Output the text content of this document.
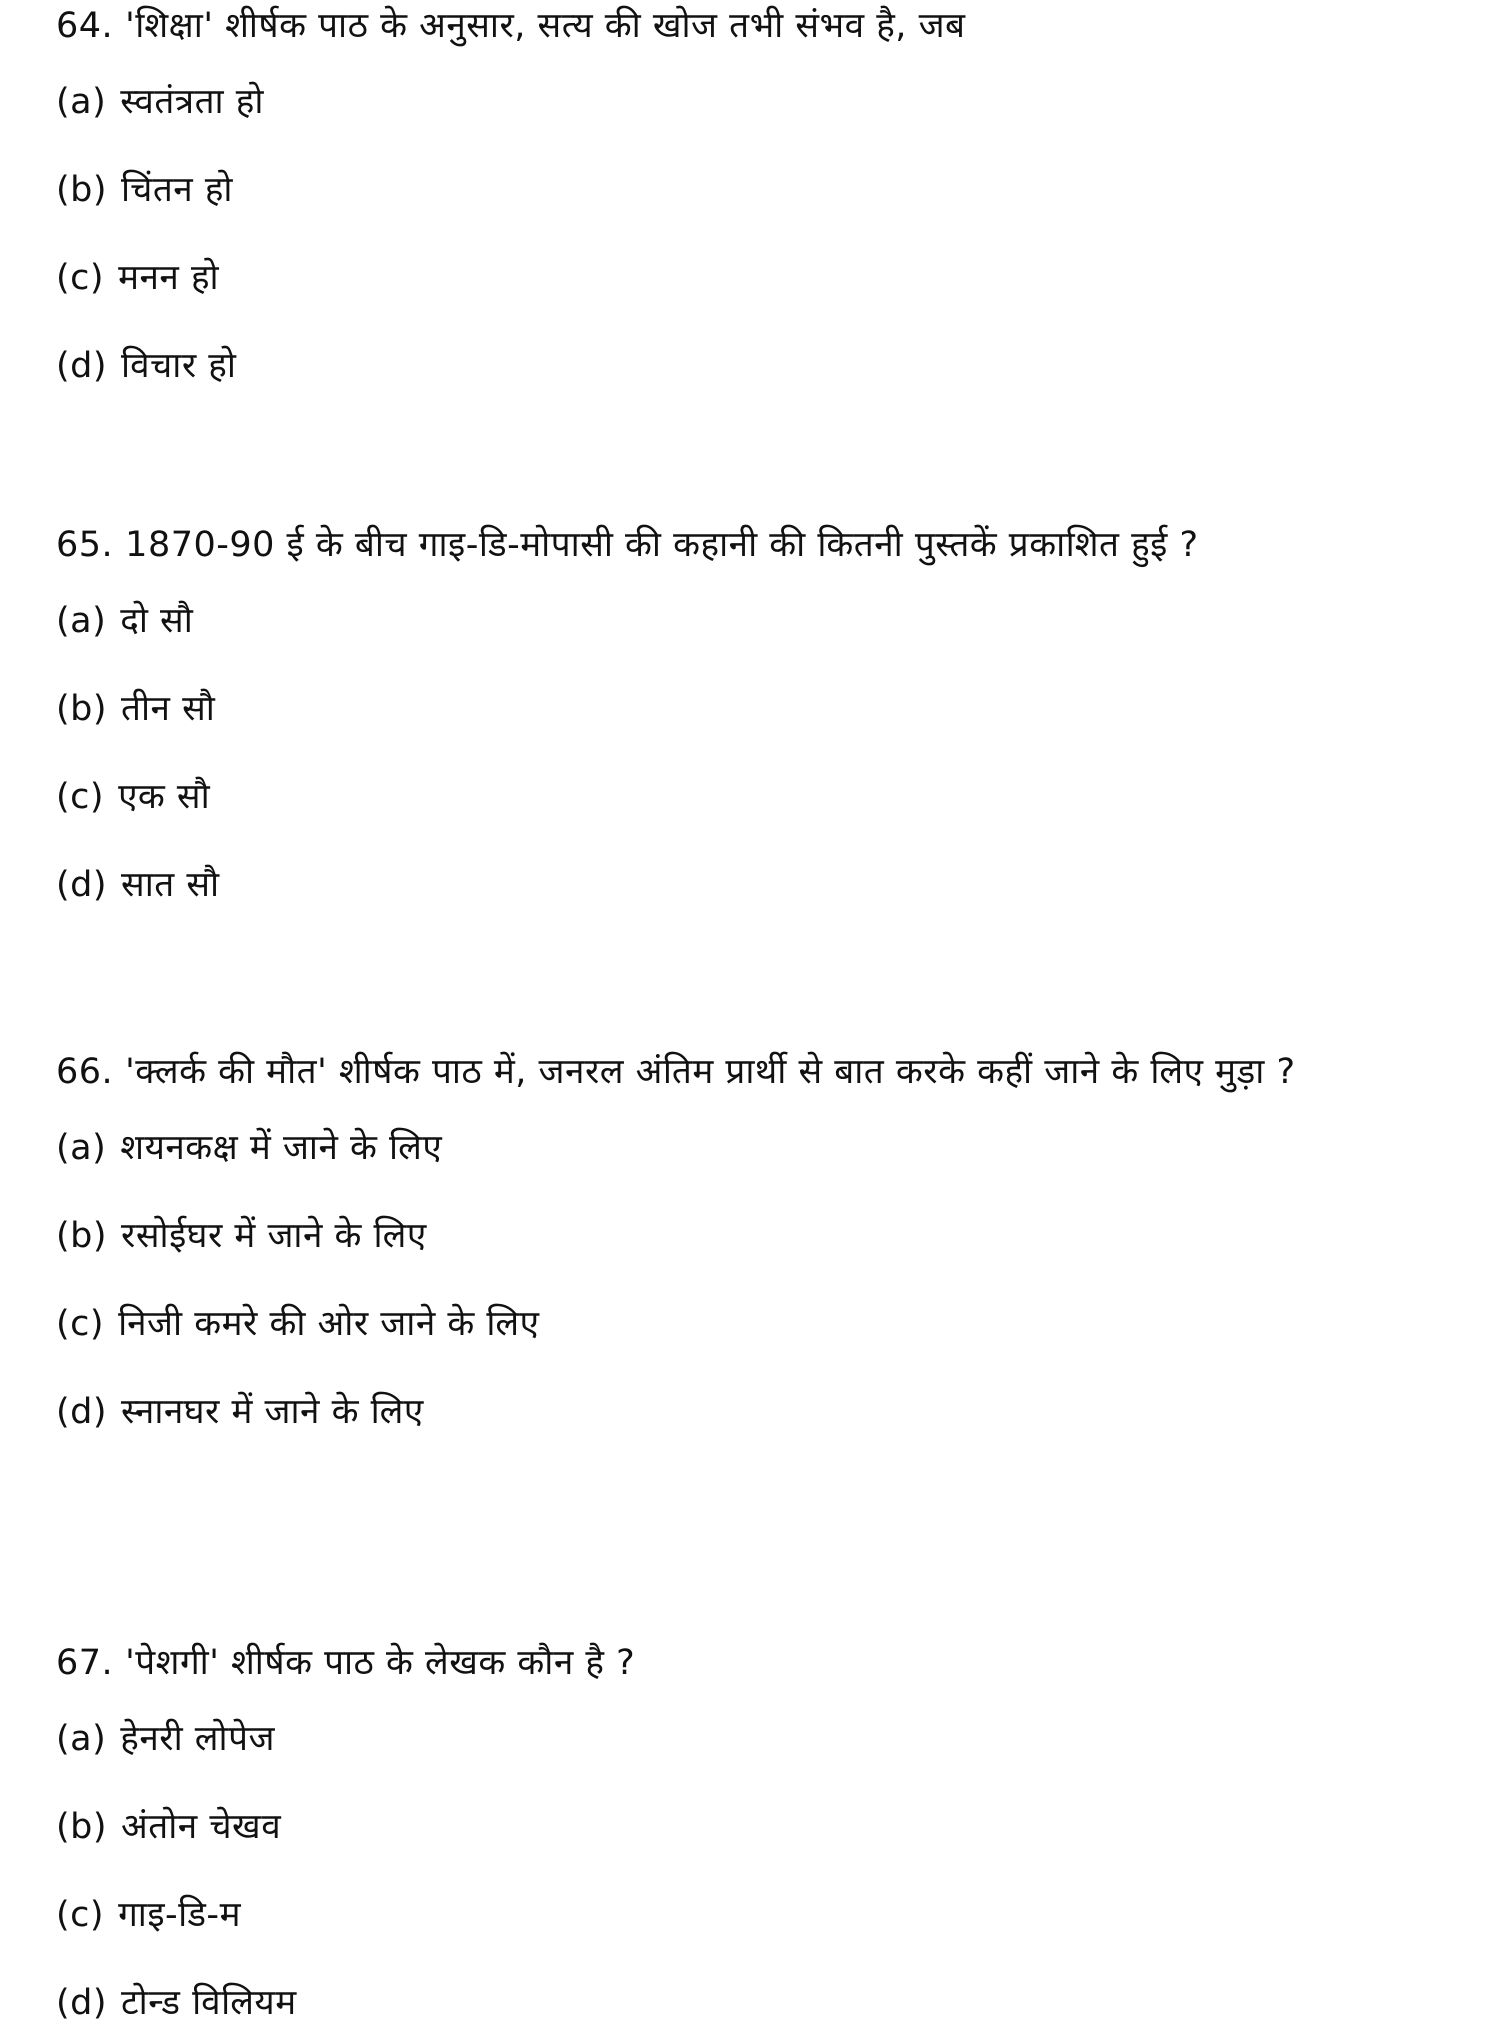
64. 'शिक्षा' शीर्षक पाठ के अनुसार, सत्य की खोज तभी संभव है, जब

(a) स्वतंत्रता हो
(b) चिंतन हो
(c) मनन हो
(d) विचार हो

65. 1870-90 ई के बीच गाइ-डि-मोपासी की कहानी की कितनी पुस्तकें प्रकाशित हुई ?

(a) दो सौ
(b) तीन सौ
(c) एक सौ
(d) सात सौ

66. 'क्लर्क की मौत' शीर्षक पाठ में, जनरल अंतिम प्रार्थी से बात करके कहीं जाने के लिए मुड़ा ?

(a) शयनकक्ष में जाने के लिए
(b) रसोईघर में जाने के लिए
(c) निजी कमरे की ओर जाने के लिए
(d) स्नानघर में जाने के लिए

67. 'पेशगी' शीर्षक पाठ के लेखक कौन है ?

(a) हेनरी लोपेज
(b) अंतोन चेखव
(c) गाइ-डि-म
(d) टोन्ड विलियम
